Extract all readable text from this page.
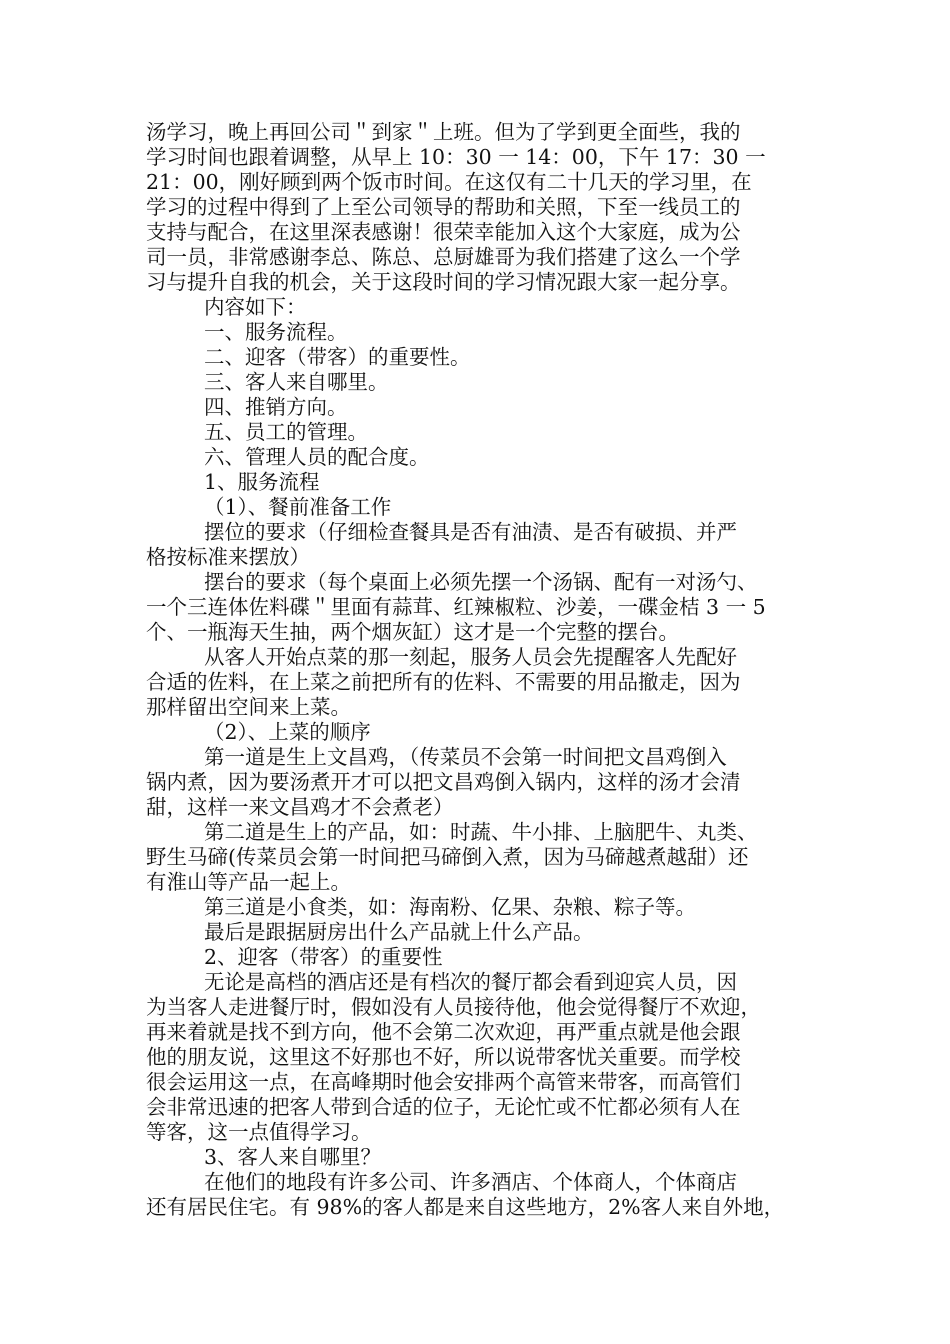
汤学习，晚上再回公司＂到家＂上班。但为了学到更全面些，我的

学习时间也跟着调整，从早上 10：30 一 14：00，下午 17：30 一

21：00，刚好顾到两个饭市时间。在这仅有二十几天的学习里，在

学习的过程中得到了上至公司领导的帮助和关照，下至一线员工的

支持与配合，在这里深表感谢！很荣幸能加入这个大家庭，成为公

司一员，非常感谢李总、陈总、总厨雄哥为我们搭建了这么一个学

习与提升自我的机会，关于这段时间的学习情况跟大家一起分享。

内容如下：

一、服务流程。

二、迎客（带客）的重要性。

三、客人来自哪里。

四、推销方向。

五、员工的管理。

六、管理人员的配合度。

1、服务流程

（1）、餐前准备工作

摆位的要求（仔细检查餐具是否有油渍、是否有破损、并严

格按标准来摆放）

摆台的要求（每个桌面上必须先摆一个汤锅、配有一对汤勺、

一个三连体佐料碟＂里面有蒜茸、红辣椒粒、沙姜，一碟金桔 3 一 5

个、一瓶海天生抽，两个烟灰缸）这才是一个完整的摆台。

从客人开始点菜的那一刻起，服务人员会先提醒客人先配好

合适的佐料，在上菜之前把所有的佐料、不需要的用品撤走，因为

那样留出空间来上菜。

（2）、上菜的顺序

第一道是生上文昌鸡，（传菜员不会第一时间把文昌鸡倒入

锅内煮，因为要汤煮开才可以把文昌鸡倒入锅内，这样的汤才会清

甜，这样一来文昌鸡才不会煮老）

第二道是生上的产品，如：时蔬、牛小排、上脑肥牛、丸类、

野生马碲(传菜员会第一时间把马碲倒入煮，因为马碲越煮越甜）还

有淮山等产品一起上。

第三道是小食类，如：海南粉、亿果、杂粮、粽子等。

最后是跟据厨房出什么产品就上什么产品。

2、迎客（带客）的重要性

无论是高档的酒店还是有档次的餐厅都会看到迎宾人员，因

为当客人走进餐厅时，假如没有人员接待他，他会觉得餐厅不欢迎，

再来着就是找不到方向，他不会第二次欢迎，再严重点就是他会跟

他的朋友说，这里这不好那也不好，所以说带客忧关重要。而学校

很会运用这一点，在高峰期时他会安排两个高管来带客，而高管们

会非常迅速的把客人带到合适的位子，无论忙或不忙都必须有人在

等客，这一点值得学习。

3、客人来自哪里？

在他们的地段有许多公司、许多酒店、个体商人，个体商店

还有居民住宅。有 98%的客人都是来自这些地方，2%客人来自外地，
